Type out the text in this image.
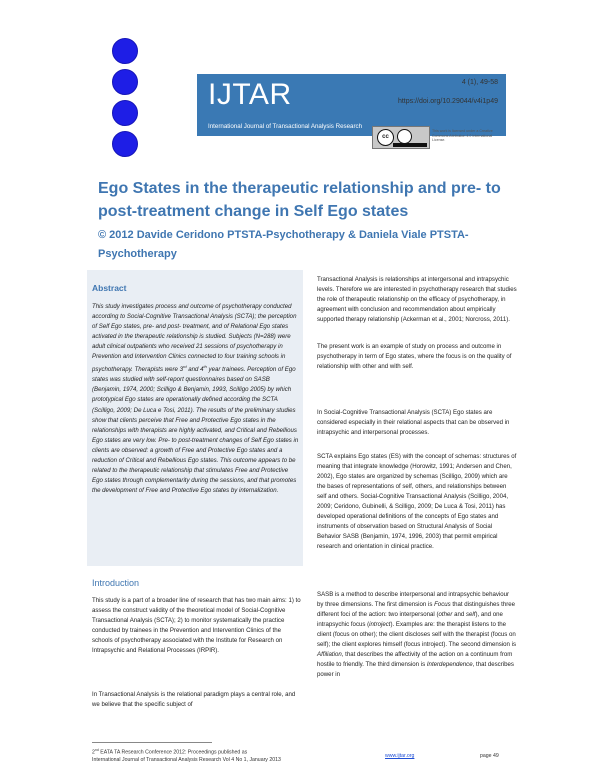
IJTAR
International Journal of Transactional Analysis Research
4 (1), 49-58
https://doi.org/10.29044/v4i1p49
cc
This work is licensed under a Creative Commons Attribution 4.0 International License.
Ego States in the therapeutic relationship and pre- to post-treatment change in Self Ego states
© 2012 Davide Ceridono PTSTA-Psychotherapy & Daniela Viale PTSTA-Psychotherapy
Abstract
This study investigates process and outcome of psychotherapy conducted according to Social-Cognitive Transactional Analysis (SCTA); the perception of Self Ego states, pre- and post- treatment, and of Relational Ego states activated in the therapeutic relationship is studied. Subjects (N=288) were adult clinical outpatients who received 21 sessions of psychotherapy in Prevention and Intervention Clinics connected to four training schools in psychotherapy. Therapists were 3rd and 4th year trainees. Perception of Ego states was studied with self-report questionnaires based on SASB (Benjamin, 1974, 2000; Scilligo & Benjamin, 1993, Scilligo 2005) by which prototypical Ego states are operationally defined according the SCTA (Scilligo, 2009; De Luca e Tosi, 2011). The results of the preliminary studies show that clients perceive that Free and Protective Ego states in the relationships with therapists are highly activated, and Critical and Rebellious Ego states are very low. Pre- to post-treatment changes of Self Ego states in clients are observed: a growth of Free and Protective Ego states and a reduction of Critical and Rebellious Ego states. This outcome appears to be related to the therapeutic relationship that stimulates Free and Protective Ego states through complementarity during the sessions, and that promotes the development of Free and Protective Ego states by internalization.
Introduction

This study is a part of a broader line of research that has two main aims: 1) to assess the construct validity of the theoretical model of Social-Cognitive Transactional Analysis (SCTA); 2) to monitor systematically the practice conducted by trainees in the Prevention and Intervention Clinics of the schools of psychotherapy associated with the Institute for Research on Intrapsychic and Relational Processes (IRPIR).

In Transactional Analysis is the relational paradigm plays a central role, and we believe that the specific subject of

Transactional Analysis is relationships at intergersonal and intrapsychic levels. Therefore we are interested in psychotherapy research that studies the role of therapeutic relationship on the efficacy of psychotherapy, in agreement with conclusion and recommendation about empirically supported therapy relationship (Ackerman et al., 2001; Norcross, 2011).

The present work is an example of study on process and outcome in psychotherapy in term of Ego states, where the focus is on the quality of relationship with other and with self.

In Social-Cognitive Transactional Analysis (SCTA) Ego states are considered especially in their relational aspects that can be observed in intrapsychic and interpersonal processes.

SCTA explains Ego states (ES) with the concept of schemas: structures of meaning that integrate knowledge (Horowitz, 1991; Andersen and Chen, 2002), Ego states are organized by schemas (Scilligo, 2009) which are the bases of representations of self, others, and relationships between self and others. Social-Cognitive Transactional Analysis (Scilligo, 2004, 2009; Ceridono, Gubinelli, & Scilligo, 2009; De Luca & Tosi, 2011) has developed operational definitions of the concepts of Ego states and instruments of observation based on Structural Analysis of Social Behavior SASB (Benjamin, 1974, 1996, 2003) that permit empirical research and orientation in clinical practice.

SASB is a method to describe interpersonal and intrapsychic behaviour by three dimensions. The first dimension is Focus that distinguishes three different foci of the action: two interpersonal (other and self), and one intrapsychic focus (introject). Examples are: the therapist listens to the client (focus on other); the client discloses self with the therapist (focus on self); the client explores himself (focus introject). The second dimension is Affiliation, that describes the affectivity of the action on a continuum from hostile to friendly. The third dimension is Interdependence, that describes power in

2nd EATA TA Research Conference 2012: Proceedings published as
International Journal of Transactional Analysis Research Vol 4 No 1, January 2013
www.ijtar.org	page 49
